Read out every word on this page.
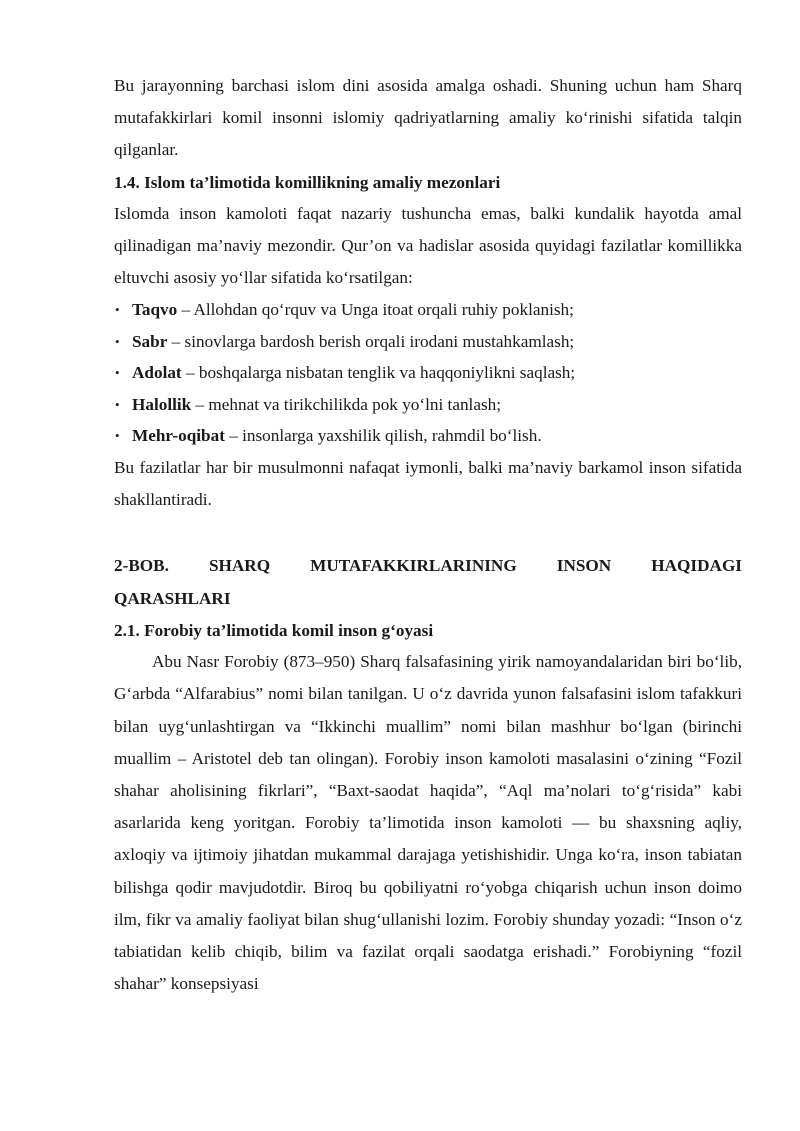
Bu jarayonning barchasi islom dini asosida amalga oshadi. Shuning uchun ham Sharq mutafakkirlari komil insonni islomiy qadriyatlarning amaliy ko‘rinishi sifatida talqin qilganlar.

1.4. Islom ta’limotida komillikning amaliy mezonlari

Islomda inson kamoloti faqat nazariy tushuncha emas, balki kundalik hayotda amal qilinadigan ma’naviy mezondir. Qur’on va hadislar asosida quyidagi fazilatlar komillikka eltuvchi asosiy yo‘llar sifatida ko‘rsatilgan:

• Taqvo – Allohdan qo‘rquv va Unga itoat orqali ruhiy poklanish;
• Sabr – sinovlarga bardosh berish orqali irodani mustahkamlash;
• Adolat – boshqalarga nisbatan tenglik va haqqoniylikni saqlash;
• Halollik – mehnat va tirikchilikda pok yo‘lni tanlash;
• Mehr-oqibat – insonlarga yaxshilik qilish, rahmdil bo‘lish.

Bu fazilatlar har bir musulmonni nafaqat iymonli, balki ma’naviy barkamol inson sifatida shakllantiradi.

2-BOB. SHARQ MUTAFAKKIRLARINING INSON HAQIDAGI
QARASHLARI
2.1. Forobiy ta’limotida komil inson g‘oyasi

Abu Nasr Forobiy (873–950) Sharq falsafasining yirik namoyandalaridan biri bo‘lib, G‘arbda “Alfarabius” nomi bilan tanilgan. U o‘z davrida yunon falsafasini islom tafakkuri bilan uyg‘unlashtirgan va “Ikkinchi muallim” nomi bilan mashhur bo‘lgan (birinchi muallim – Aristotel deb tan olingan). Forobiy inson kamoloti masalasini o‘zining “Fozil shahar aholisining fikrlari”, “Baxt-saodat haqida”, “Aql ma’nolari to‘g‘risida” kabi asarlarida keng yoritgan. Forobiy ta’limotida inson kamoloti — bu shaxsning aqliy, axloqiy va ijtimoiy jihatdan mukammal darajaga yetishishidir. Unga ko‘ra, inson tabiatan bilishga qodir mavjudotdir. Biroq bu qobiliyatni ro‘yobga chiqarish uchun inson doimo ilm, fikr va amaliy faoliyat bilan shug‘ullanishi lozim. Forobiy shunday yozadi: “Inson o‘z tabiatidan kelib chiqib, bilim va fazilat orqali saodatga erishadi.” Forobiyning “fozil shahar” konsepsiyasi
